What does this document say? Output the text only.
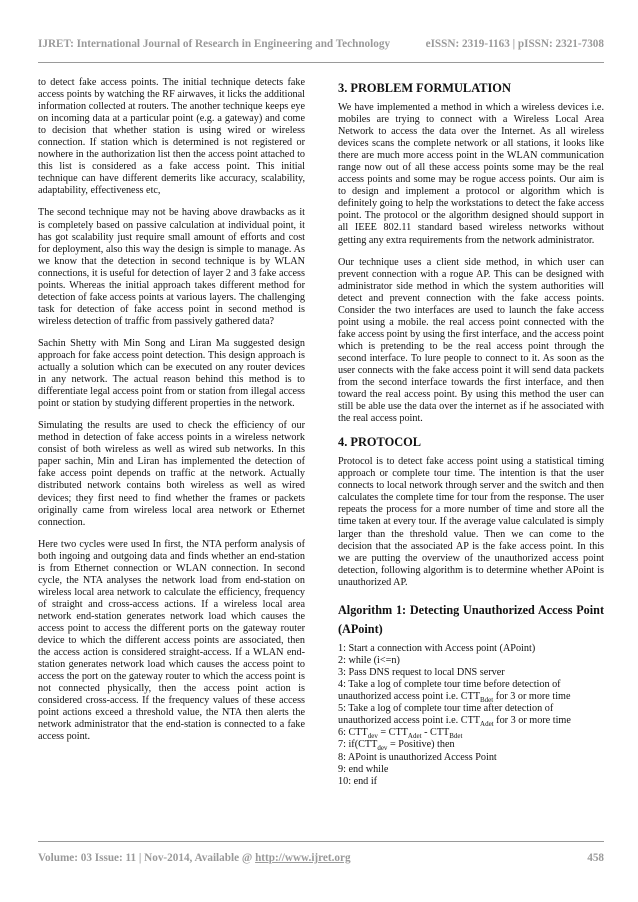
IJRET: International Journal of Research in Engineering and Technology	eISSN: 2319-1163 | pISSN: 2321-7308

to detect fake access points. The initial technique detects fake access points by watching the RF airwaves, it licks the additional information collected at routers. The another technique keeps eye on incoming data at a particular point (e.g. a gateway) and come to decision that whether station is using wired or wireless connection. If station which is determined is not registered or nowhere in the authorization list then the access point attached to this list is considered as a fake access point. This initial technique can have different demerits like accuracy, scalability, adaptability, effectiveness etc,

The second technique may not be having above drawbacks as it is completely based on passive calculation at individual point, it has got scalability just require small amount of efforts and cost for deployment, also this way the design is simple to manage. As we know that the detection in second technique is by WLAN connections, it is useful for detection of layer 2 and 3 fake access points. Whereas the initial approach takes different method for detection of fake access points at various layers. The challenging task for detection of fake access point in second method is wireless detection of traffic from passively gathered data?

Sachin Shetty with Min Song and Liran Ma suggested design approach for fake access point detection. This design approach is actually a solution which can be executed on any router devices in any network. The actual reason behind this method is to differentiate legal access point from or station from illegal access point or station by studying different properties in the network.

Simulating the results are used to check the efficiency of our method in detection of fake access points in a wireless network consist of both wireless as well as wired sub networks. In this paper sachin, Min and Liran has implemented the detection of fake access point depends on traffic at the network. Actually distributed network contains both wireless as well as wired devices; they first need to find whether the frames or packets originally came from wireless local area network or Ethernet connection.

Here two cycles were used In first, the NTA perform analysis of both ingoing and outgoing data and finds whether an end-station is from Ethernet connection or WLAN connection. In second cycle, the NTA analyses the network load from end-station on wireless local area network to calculate the efficiency, frequency of straight and cross-access actions. If a wireless local area network end-station generates network load which causes the access point to access the different ports on the gateway router device to which the different access points are associated, then the access action is considered straight-access. If a WLAN end-station generates network load which causes the access point to access the port on the gateway router to which the access point is not connected physically, then the access point action is considered cross-access. If the frequency values of these access point actions exceed a threshold value, the NTA then alerts the network administrator that the end-station is connected to a fake access point.

3. PROBLEM FORMULATION

We have implemented a method in which a wireless devices i.e. mobiles are trying to connect with a Wireless Local Area Network to access the data over the Internet. As all wireless devices scans the complete network or all stations, it looks like there are much more access point in the WLAN communication range now out of all these access points some may be the real access points and some may be rogue access points. Our aim is to design and implement a protocol or algorithm which is definitely going to help the workstations to detect the fake access point. The protocol or the algorithm designed should support in all IEEE 802.11 standard based wireless networks without getting any extra requirements from the network administrator.

Our technique uses a client side method, in which user can prevent connection with a rogue AP. This can be designed with administrator side method in which the system authorities will detect and prevent connection with the fake access points. Consider the two interfaces are used to launch the fake access point using a mobile. the real access point connected with the fake access point by using the first interface, and the access point which is pretending to be the real access point through the second interface. To lure people to connect to it. As soon as the user connects with the fake access point it will send data packets from the second interface towards the first interface, and then toward the real access point. By using this method the user can still be able use the data over the internet as if he associated with the real access point.

4. PROTOCOL

Protocol is to detect fake access point using a statistical timing approach or complete tour time. The intention is that the user connects to local network through server and the switch and then calculates the complete time for tour from the response. The user repeats the process for a more number of time and store all the time taken at every tour. If the average value calculated is simply larger than the threshold value. Then we can come to the decision that the associated AP is the fake access point. In this we are putting the overview of the unauthorized access point detection, following algorithm is to determine whether APoint is unauthorized AP.

Algorithm 1: Detecting Unauthorized Access Point (APoint)
1: Start a connection with Access point (APoint)
2: while (i<=n)
3: Pass DNS request to local DNS server
4: Take a log of complete tour time before detection of
unauthorized access point i.e. $CTT_{Bdet}$ for 3 or more time
5: Take a log of complete tour time after detection of
unauthorized access point i.e. $CTT_{Adet}$ for 3 or more time
6: $CTT_{dev} = CTT_{Adet} - CTT_{Bdet}$
7: $if(CTT_{dev}$ = Positive) then
8: APoint is unauthorized Access Point
9: end while
10: end if
Volume: 03 Issue: 11 | Nov-2014, Available @ http://www.ijret.org	458
